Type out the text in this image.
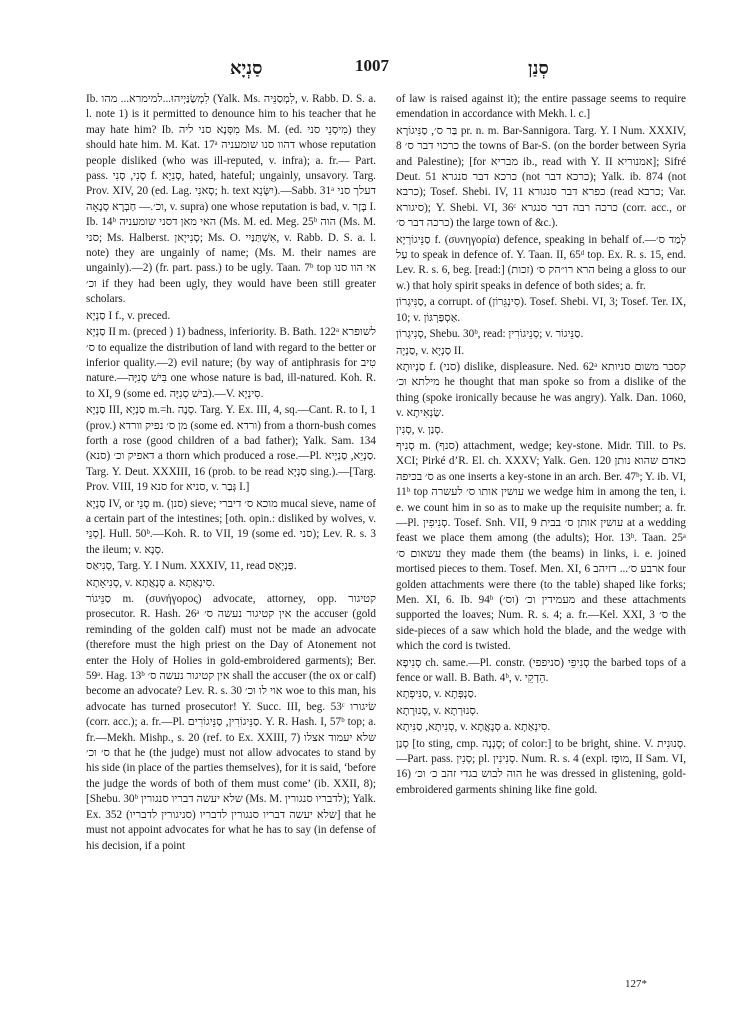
סַנְיָא	1007	סְנַן

Ib. לִמְשַׂנַּיְיהוּ...למימרא... מהו (Yalk. Ms. לִמְסַנֵּיה, v. Rabb. D. S. a. l. note 1) is it permitted to denounce him to his teacher that he may hate him? Ib. מִסְּנָא סני ליה Ms. M. (ed. מִיסְנֵי סני) they should hate him. M. Kat. 17ᵃ דהוו סנו שומעניה whose reputation people disliked (who was ill-reputed, v. infra); a. fr.— Part. pass. סָנִי, סְנִי f. סְנִיָא, hated, hateful; ungainly, unsavory. Targ. Prov. XIV, 20 (ed. Lag. סְאנִי; h. text יִשָּׂנֵא).—Sabb. 31ᵃ דעלך סני וכ׳.— חַבְרָא סְנָאָה, v. supra) one whose reputation is bad, v. בָּזָר I. Ib. 14ᵇ האי מאן דסני שומעניה (Ms. M. ed. Meg. 25ᵇ הוה ‎(Ms. M. סני; Ms. Halberst. סְנִייָאן; Ms. O. אִשְׁתַּנַּיִי, v. Rabb. D. S. a. l. note) they are ungainly of name; (Ms. M. their names are ungainly).—2) (fr. part. pass.) to be ugly. Taan. 7ᵇ top אי הוו סנו וכ׳ if they had been ugly, they would have been still greater scholars.

סַנְיָא I f., v. preced.

סַנְיָא II m. (preced ) 1) badness, inferiority. B. Bath. 122ᵃ לשופרא ס׳ to equalize the distribution of land with regard to the better or inferior quality.—2) evil nature; (by way of antiphrasis for טִיב nature.—בִּישׁ סְנִיָּה one whose nature is bad, ill-natured. Koh. R. to XI, 9 (some ed. בישׁ סְנִיָּה).—V. סִינְיָא.

סַנְיָא III, סַנְיָא m.=h. סְנֶה. Targ. Y. Ex. III, 4, sq.—Cant. R. to I, 1 (prov.) מן ס׳ נפיק וורדא (some ed. ורדא) from a thorn-bush comes forth a rose (good children of a bad father); Yalk. Sam. 134 (סנא) דאפיק וכ׳ a thorn which produced a rose.—Pl. סַנְיֵא, סַנְיָיא. Targ. Y. Deut. XXXIII, 16 (prob. to be read סַנְיָא sing.).—[Targ. Prov. VIII, 19 סנא for סניא, v. גְּבַר I.]

סַנְיָא IV, or סָנֵי m. (סנן) sieve; מוכא ס׳ דיברי mucal sieve, name of a certain part of the intestines; [oth. opin.: disliked by wolves, v. סְנֵי]. Hull. 50ᵇ.—Koh. R. to VII, 19 (some ed. סני); Lev. R. s. 3 the ileum; v. סְנָא.

סְנִיאַס, Targ. Y. I Num. XXXIV, 11, read פַּנְיָאַס.

סְנִיאָתָא, v. סְנָאֲתָא a. סִינְאַתָא.

סַנֵּיגוֹר m. (συνήγορος) advocate, attorney, opp. קטיגור prosecutor. R. Hash. 26ᵃ אין קטיגור נעשה ס׳ the accuser (gold reminding of the golden calf) must not be made an advocate (therefore must the high priest on the Day of Atonement not enter the Holy of Holies in gold-embroidered garments); Ber. 59ᵃ. Hag. 13ᵇ אין קטיגור נעשה ס׳ shall the accuser (the ox or calf) become an advocate? Lev. R. s. 30 אוי לו וכ׳ woe to this man, his advocate has turned prosecutor! Y. Succ. III, beg. 53ᶜ שׂיגורו (corr. acc.); a. fr.—Pl. סַנֵּיגוֹרִין, סַנֵּיגוֹרִים. Y. R. Hash. I, 57ᵇ top; a. fr.—Mekh. Mishp., s. 20 (ref. to Ex. XXIII, 7) שלא יעמוד אצלו ס׳ וכ׳ that he (the judge) must not allow advocates to stand by his side (in place of the parties themselves), for it is said, ‘before the judge the words of both of them must come’ (ib. XXII, 8); [Shebu. 30ᵇ שלא יעשה דבריו סנגורין (Ms. M. לדבריו סנגורין); Yalk. Ex. 352 שלא יעשה דבריו סנגורין לדבריו (סניגורין לדבריו)] that he must not appoint advocates for what he has to say (in defense of his decision, if a point

of law is raised against it); the entire passage seems to require emendation in accordance with Mekh. l. c.]

בַּר ס׳, סַנִּיגוֹרָא pr. n. m. Bar-Sannigora. Targ. Y. I Num. XXXIV, 8 כרכוי דבר ס׳ the towns of Bar-S. (on the border between Syria and Palestine); [for מבריא ib., read with Y. II אמנוריא]; Sifré Deut. 51 כרכא דבר סנגרא (not כרכא דבר); Yalk. ib. 874 (not כרבא); Tosef. Shebi. IV, 11 כפרא דבר סנגורא (read כרבא; Var. סיגורא); Y. Shebi. VI, 36ᶜ כרכה רבה דבר סנגרא (corr. acc., or כרכה דבר ס׳) the large town of &c.).

סַנֵּיגוֹרְיָא f. (συνηγορία) defence, speaking in behalf of.—לְמַד ס׳ עַל to speak in defence of. Y. Taan. II, 65ᵈ top. Ex. R. s. 15, end. Lev. R. s. 6, beg. [read:] הרא רו״הק ס׳ (זכות) being a gloss to our w.) that holy spirit speaks in defence of both sides; a. fr.

סַנִּיגְרוֹן, a corrupt. of (סִינְגֵּרוֹן). Tosef. Shebi. VI, 3; Tosef. Ter. IX, 10; v. אַסְפַּרְגּוֹן.

סְנִיגְרוֹן, Shebu. 30ᵇ, read: סְנֵיגוֹרִין; v. סַנֵּיגוֹר.

סַנְיָה, v. סַנְיָא II.

סַנְיוּתָא f. (סני) dislike, displeasure. Ned. 62ᵃ קסבר משום סניותא מילתא וכ׳ he thought that man spoke so from a dislike of the thing (spoke ironically because he was angry). Yalk. Dan. 1060, v. שַׂנְאִיתָא.

סְנִין, v. סְנַן.

סְנִיף m. (סנף) attachment, wedge; key-stone. Midr. Till. to Ps. XCI; Pirké d’R. El. ch. XXXV; Yalk. Gen. 120 כאדם שהוא נותן ס׳ בכיפה as one inserts a key-stone in an arch. Ber. 47ᵇ; Y. ib. VI, 11ᵇ top עושין אותו ס׳ לעשרה we wedge him in among the ten, i. e. we count him in so as to make up the requisite number; a. fr.—Pl. סְנִיפִין. Tosef. Snh. VII, 9 עושין אותן ס׳ בבית at a wedding feast we place them among (the adults); Hor. 13ᵇ. Taan. 25ᵃ עשאום ס׳ they made them (the beams) in links, i. e. joined mortised pieces to them. Tosef. Men. XI, 6 ארבע ס׳... דזיהב four golden attachments were there (to the table) shaped like forks; Men. XI, 6. Ib. 94ᵇ מעמידין וכ׳ (וס׳) and these attachments supported the loaves; Num. R. s. 4; a. fr.—Kel. XXI, 3 ס׳ the side-pieces of a saw which hold the blade, and the wedge with which the cord is twisted.

סְנִיפָא ch. same.—Pl. constr. סְנִיפֵי (סניפפי) the barbed tops of a fence or wall. B. Bath. 4ᵇ, v. הֵדְקֵי.

סַנִּיפְתָא, v. סַנְפְּתָא.

סְנוּרָתָא, v. סְנוּרְתָא.

סְנִיתָא, סַנִּיתָא, v. סְנָאֲתָא a. סִינְאַתָא.

סְנַן [to sting, cmp. סָנְנָה; of color:] to be bright, shine. V. סְנוּנִית.—Part. pass. סְנִין; pl. סְנִינִין. Num. R. s. 4 (expl. מוּפָז, II Sam. VI, 16) הוה לבוש בגדי זהב כ׳ וכ׳ he was dressed in glistening, gold-embroidered garments shining like fine gold.

127*
